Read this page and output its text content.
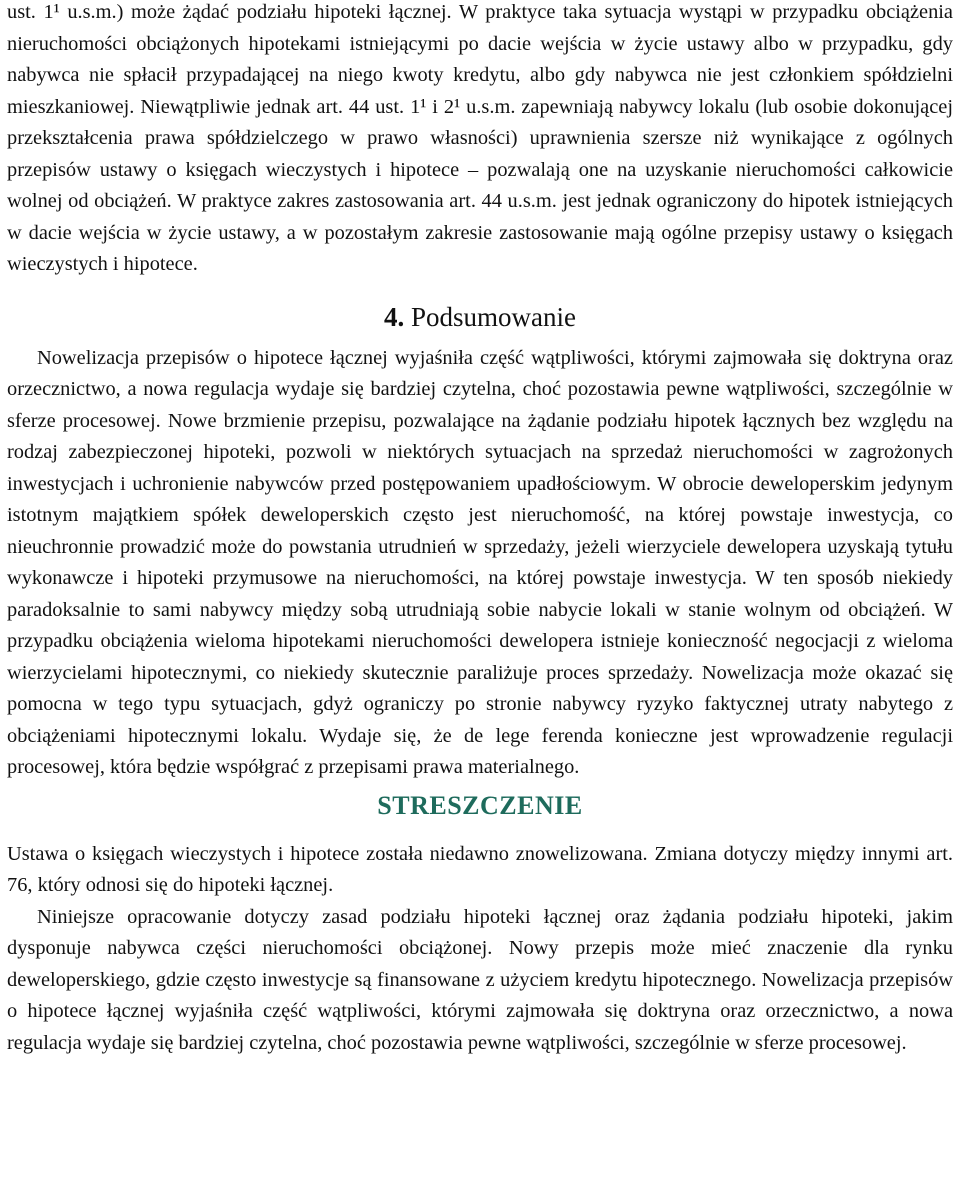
ust. 1¹ u.s.m.) może żądać podziału hipoteki łącznej. W praktyce taka sytuacja wystąpi w przypadku obciążenia nieruchomości obciążonych hipotekami istniejącymi po dacie wejścia w życie ustawy albo w przypadku, gdy nabywca nie spłacił przypadającej na niego kwoty kredytu, albo gdy nabywca nie jest członkiem spółdzielni mieszkaniowej. Niewątpliwie jednak art. 44 ust. 1¹ i 2¹ u.s.m. zapewniają nabywcy lokalu (lub osobie dokonującej przekształcenia prawa spółdzielczego w prawo własności) uprawnienia szersze niż wynikające z ogólnych przepisów ustawy o księgach wieczystych i hipotece – pozwalają one na uzyskanie nieruchomości całkowicie wolnej od obciążeń. W praktyce zakres zastosowania art. 44 u.s.m. jest jednak ograniczony do hipotek istniejących w dacie wejścia w życie ustawy, a w pozostałym zakresie zastosowanie mają ogólne przepisy ustawy o księgach wieczystych i hipotece.

4. Podsumowanie

Nowelizacja przepisów o hipotece łącznej wyjaśniła część wątpliwości, którymi zajmowała się doktryna oraz orzecznictwo, a nowa regulacja wydaje się bardziej czytelna, choć pozostawia pewne wątpliwości, szczególnie w sferze procesowej. Nowe brzmienie przepisu, pozwalające na żądanie podziału hipotek łącznych bez względu na rodzaj zabezpieczonej hipoteki, pozwoli w niektórych sytuacjach na sprzedaż nieruchomości w zagrożonych inwestycjach i uchronienie nabywców przed postępowaniem upadłościowym. W obrocie deweloperskim jedynym istotnym majątkiem spółek deweloperskich często jest nieruchomość, na której powstaje inwestycja, co nieuchronnie prowadzić może do powstania utrudnień w sprzedaży, jeżeli wierzyciele dewelopera uzyskają tytułu wykonawcze i hipoteki przymusowe na nieruchomości, na której powstaje inwestycja. W ten sposób niekiedy paradoksalnie to sami nabywcy między sobą utrudniają sobie nabycie lokali w stanie wolnym od obciążeń. W przypadku obciążenia wieloma hipotekami nieruchomości dewelopera istnieje konieczność negocjacji z wieloma wierzycielami hipotecznymi, co niekiedy skutecznie paraliżuje proces sprzedaży. Nowelizacja może okazać się pomocna w tego typu sytuacjach, gdyż ograniczy po stronie nabywcy ryzyko faktycznej utraty nabytego z obciążeniami hipotecznymi lokalu. Wydaje się, że de lege ferenda konieczne jest wprowadzenie regulacji procesowej, która będzie współgrać z przepisami prawa materialnego.

STRESZCZENIE

Ustawa o księgach wieczystych i hipotece została niedawno znowelizowana. Zmiana dotyczy między innymi art. 76, który odnosi się do hipoteki łącznej.

Niniejsze opracowanie dotyczy zasad podziału hipoteki łącznej oraz żądania podziału hipoteki, jakim dysponuje nabywca części nieruchomości obciążonej. Nowy przepis może mieć znaczenie dla rynku deweloperskiego, gdzie często inwestycje są finansowane z użyciem kredytu hipotecznego. Nowelizacja przepisów o hipotece łącznej wyjaśniła część wątpliwości, którymi zajmowała się doktryna oraz orzecznictwo, a nowa regulacja wydaje się bardziej czytelna, choć pozostawia pewne wątpliwości, szczególnie w sferze procesowej.
